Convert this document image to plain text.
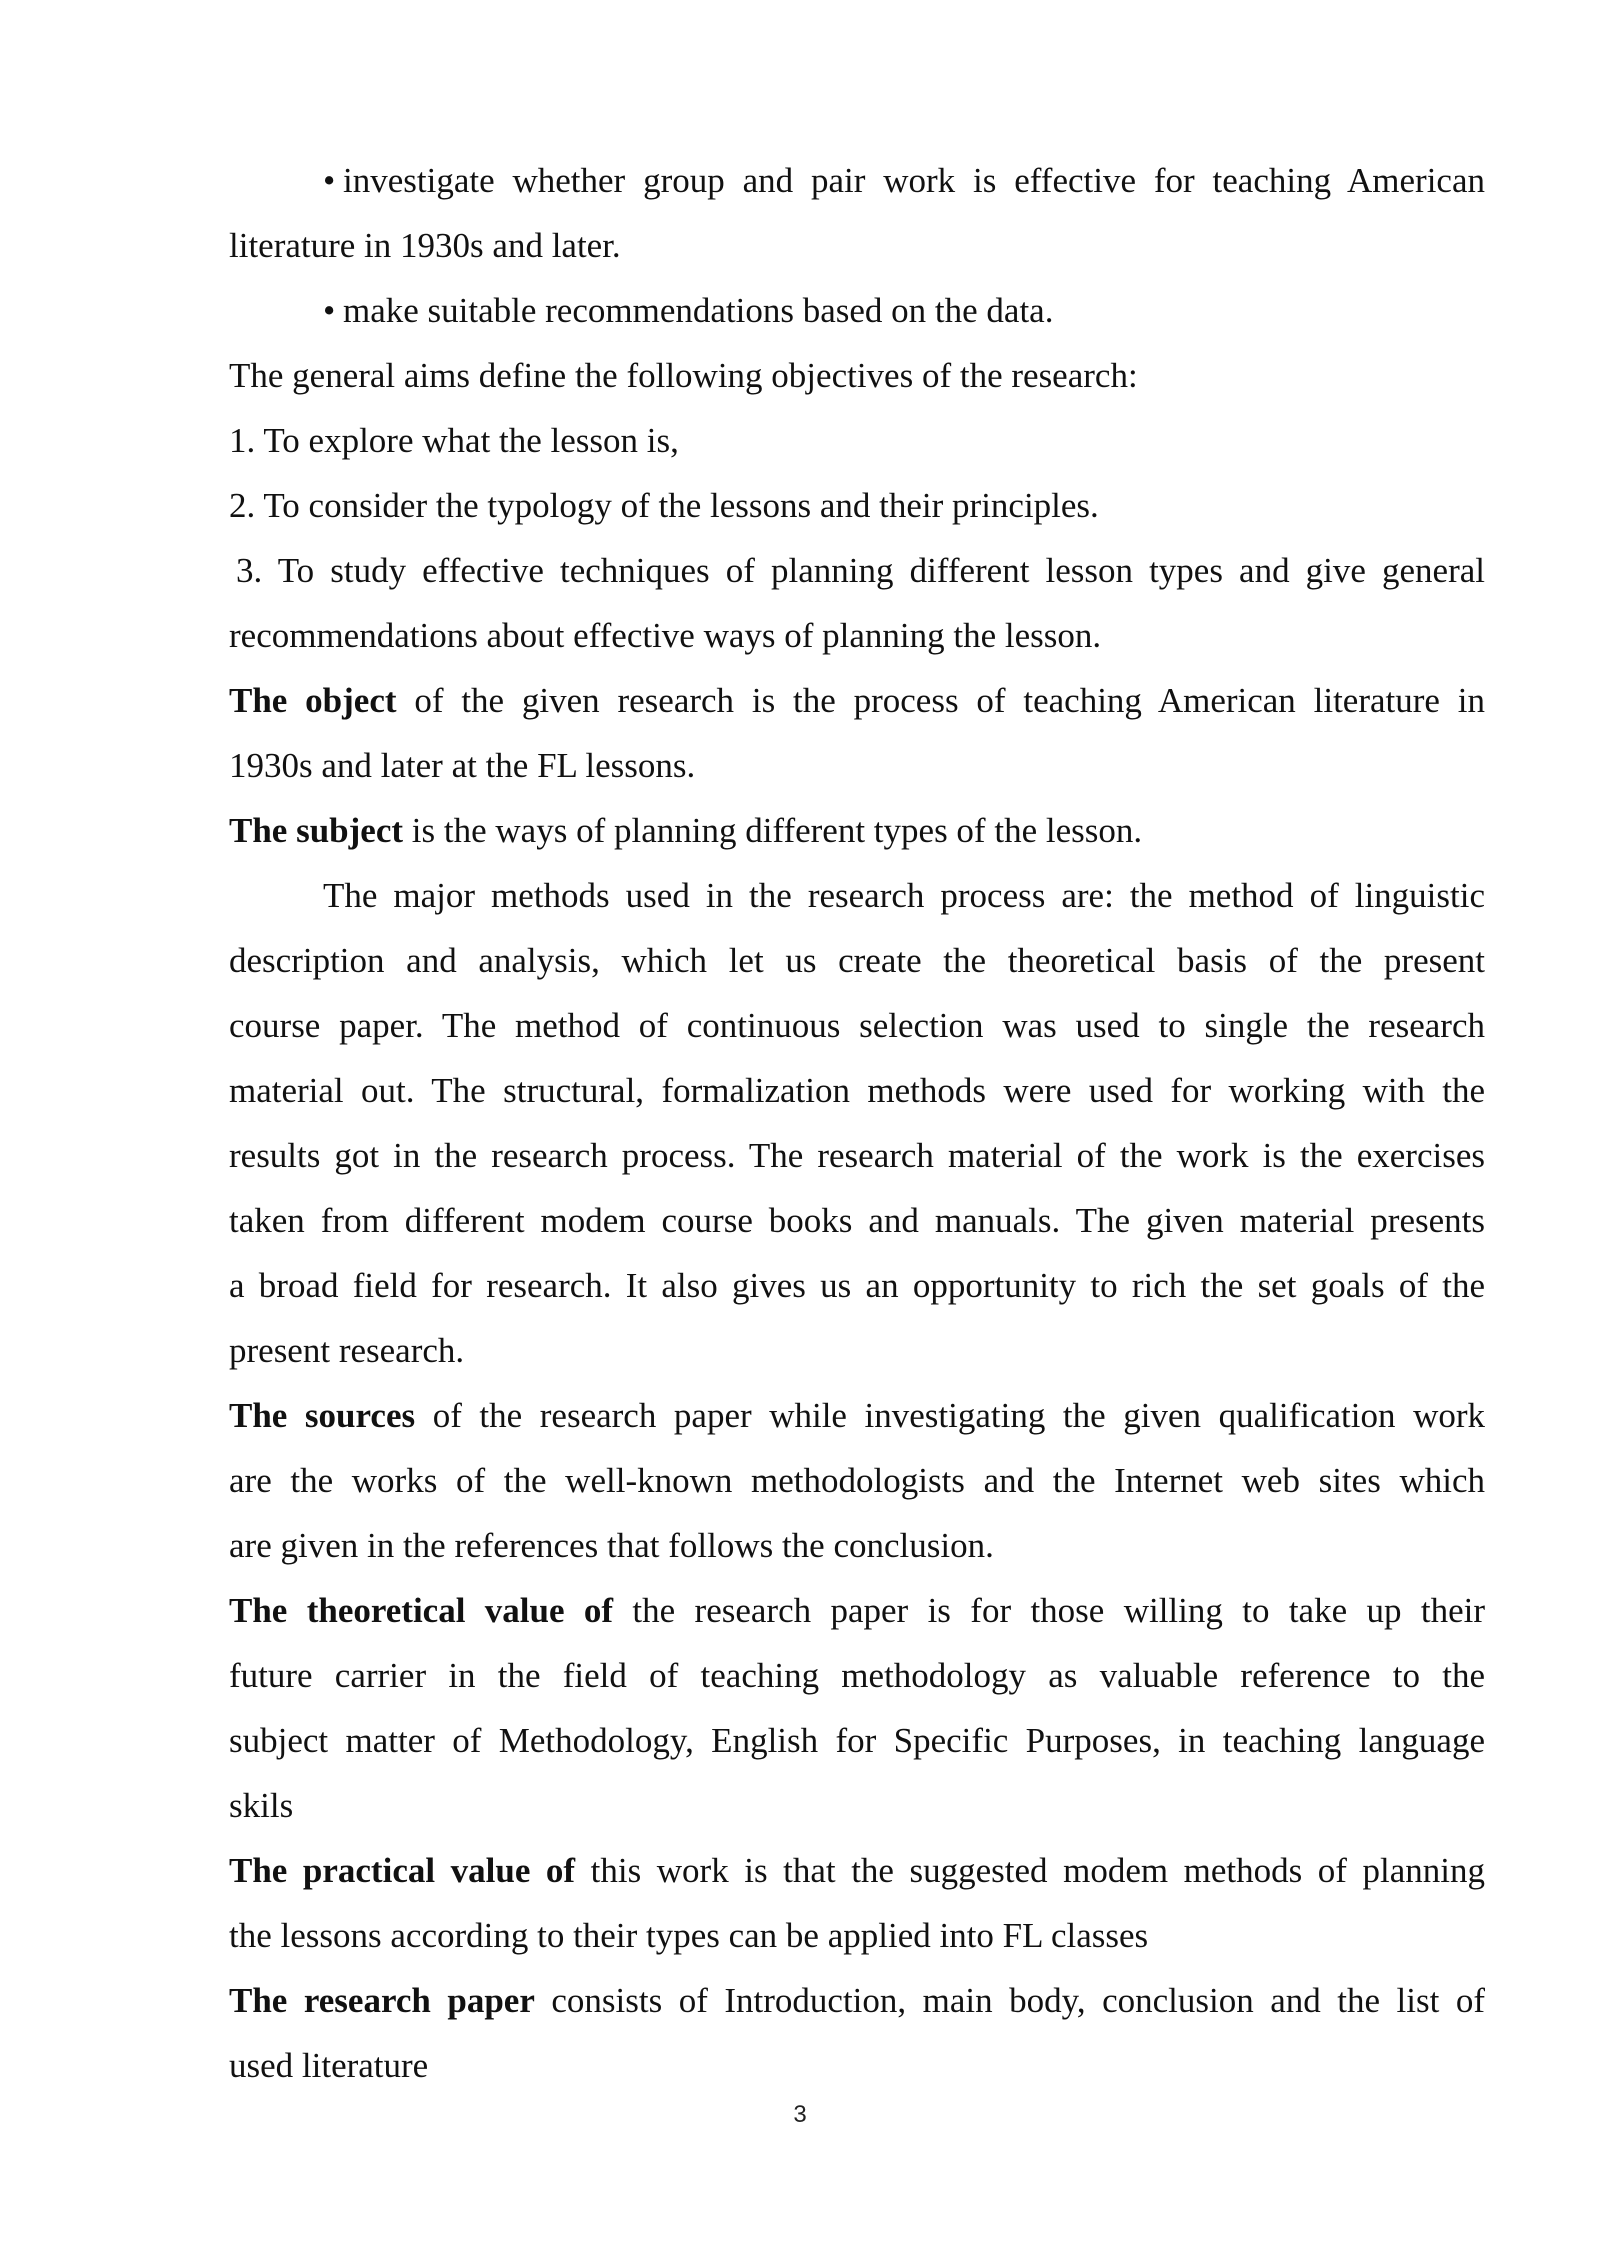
• investigate whether group and pair work is effective for teaching American
literature in 1930s and later.
• make suitable recommendations based on the data.
The general aims define the following objectives of the research:
1. To explore what the lesson is,
2. To consider the typology of the lessons and their principles.
3. To study effective techniques of planning different lesson types and give general
recommendations about effective ways of planning the lesson.
The object of the given research is the process of teaching American literature in
1930s and later at the FL lessons.
The subject is the ways of planning different types of the lesson.
The major methods used in the research process are: the method of linguistic
description and analysis, which let us create the theoretical basis of the present
course paper. The method of continuous selection was used to single the research
material out. The structural, formalization methods were used for working with the
results got in the research process. The research material of the work is the exercises
taken from different modem course books and manuals. The given material presents
a broad field for research. It also gives us an opportunity to rich the set goals of the
present research.
The sources of the research paper while investigating the given qualification work
are the works of the well-known methodologists and the Internet web sites which
are given in the references that follows the conclusion.
The theoretical value of the research paper is for those willing to take up their
future carrier in the field of teaching methodology as valuable reference to the
subject matter of Methodology, English for Specific Purposes, in teaching language
skils
The practical value of this work is that the suggested modem methods of planning
the lessons according to their types can be applied into FL classes
The research paper consists of Introduction, main body, conclusion and the list of
used literature
3
